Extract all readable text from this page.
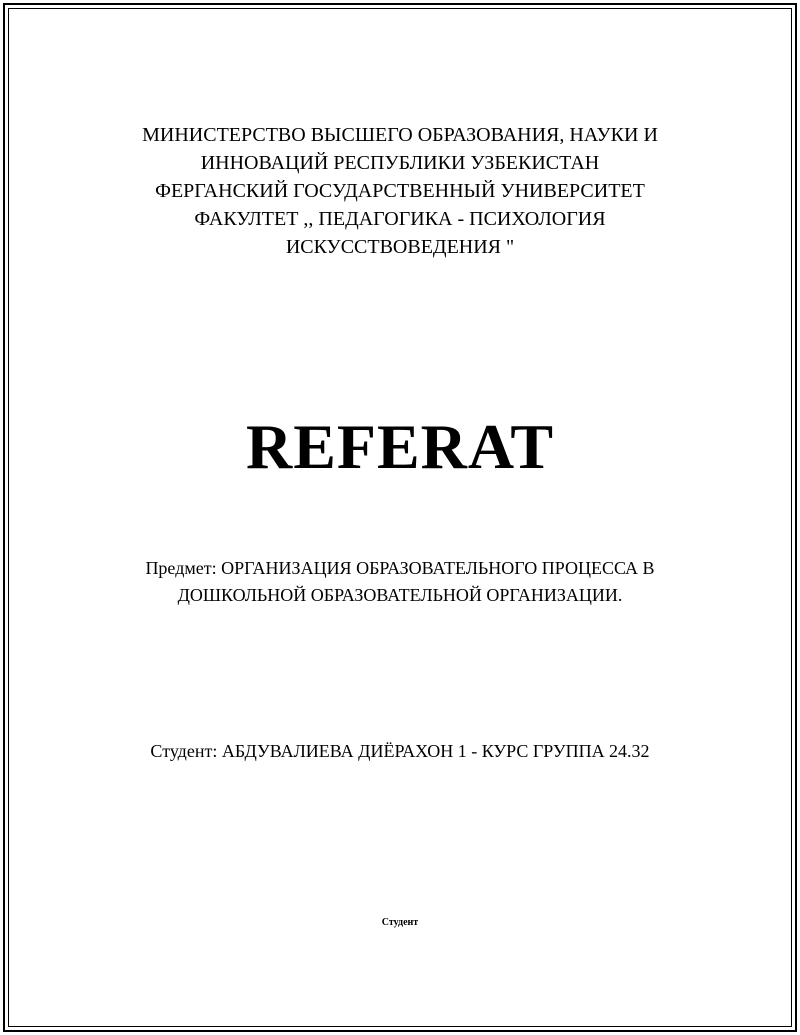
МИНИСТЕРСТВО ВЫСШЕГО ОБРАЗОВАНИЯ, НАУКИ И
ИННОВАЦИЙ РЕСПУБЛИКИ УЗБЕКИСТАН
ФЕРГАНСКИЙ ГОСУДАРСТВЕННЫЙ УНИВЕРСИТЕТ
ФАКУЛТЕТ ,, ПЕДАГОГИКА - ПСИХОЛОГИЯ
ИСКУССТВОВЕДЕНИЯ "
REFERAT
Предмет: ОРГАНИЗАЦИЯ ОБРАЗОВАТЕЛЬНОГО ПРОЦЕССА В
ДОШКОЛЬНОЙ ОБРАЗОВАТЕЛЬНОЙ ОРГАНИЗАЦИИ.
Студент: АБДУВАЛИЕВА ДИЁРАХОН 1 - КУРС ГРУППА 24.32
Студент
